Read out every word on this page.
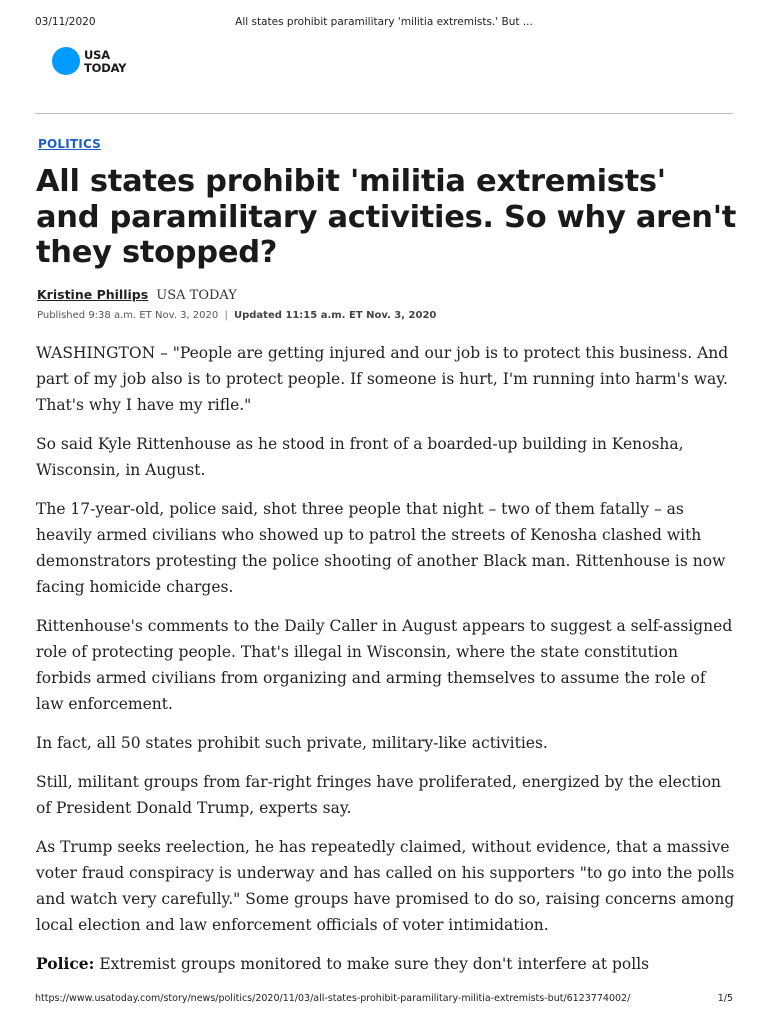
03/11/2020	All states prohibit paramilitary 'militia extremists.' But ...
USA
TODAY
POLITICS
All states prohibit 'militia extremists' and paramilitary activities. So why aren't they stopped?
Kristine Phillips USA TODAY
Published 9:38 a.m. ET Nov. 3, 2020 | Updated 11:15 a.m. ET Nov. 3, 2020

WASHINGTON – "People are getting injured and our job is to protect this business. And part of my job also is to protect people. If someone is hurt, I'm running into harm's way. That's why I have my rifle."

So said Kyle Rittenhouse as he stood in front of a boarded-up building in Kenosha, Wisconsin, in August.

The 17-year-old, police said, shot three people that night – two of them fatally – as heavily armed civilians who showed up to patrol the streets of Kenosha clashed with demonstrators protesting the police shooting of another Black man. Rittenhouse is now facing homicide charges.

Rittenhouse's comments to the Daily Caller in August appears to suggest a self-assigned role of protecting people. That's illegal in Wisconsin, where the state constitution forbids armed civilians from organizing and arming themselves to assume the role of law enforcement.

In fact, all 50 states prohibit such private, military-like activities.

Still, militant groups from far-right fringes have proliferated, energized by the election of President Donald Trump, experts say.

As Trump seeks reelection, he has repeatedly claimed, without evidence, that a massive voter fraud conspiracy is underway and has called on his supporters "to go into the polls and watch very carefully." Some groups have promised to do so, raising concerns among local election and law enforcement officials of voter intimidation.

Police: Extremist groups monitored to make sure they don't interfere at polls

https://www.usatoday.com/story/news/politics/2020/11/03/all-states-prohibit-paramilitary-militia-extremists-but/6123774002/	1/5
